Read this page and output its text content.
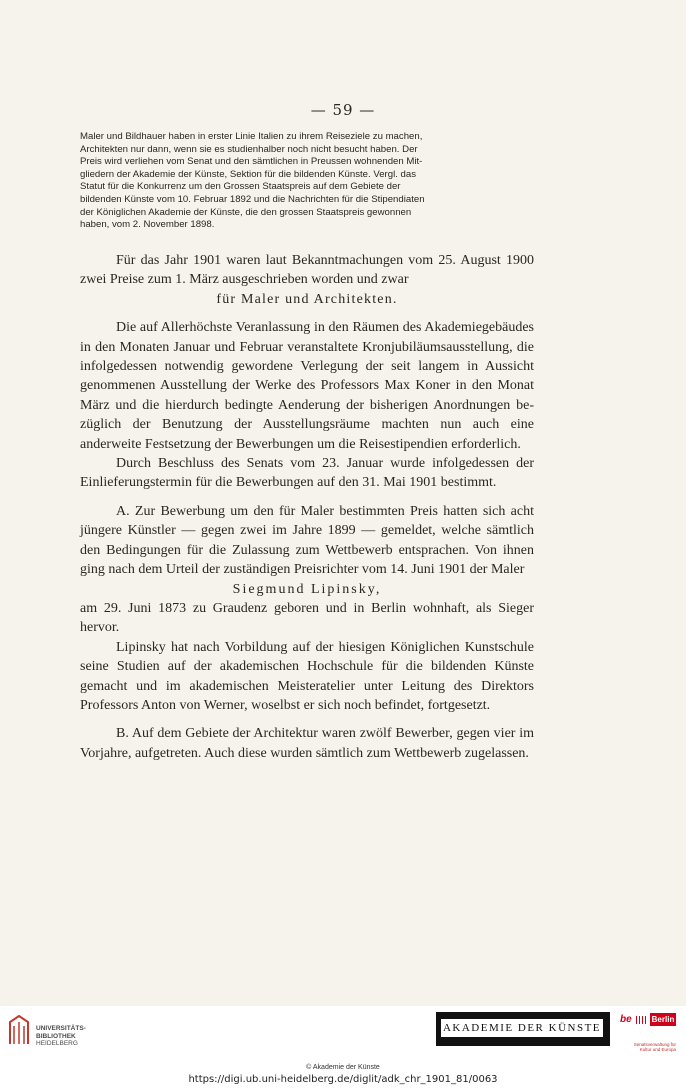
— 59 —

Maler und Bildhauer haben in erster Linie Italien zu ihrem Reiseziele zu machen,

Architekten nur dann, wenn sie es studienhalber noch nicht besucht haben. Der

Preis wird verliehen vom Senat und den sämtlichen in Preussen wohnenden Mit-

gliedern der Akademie der Künste, Sektion für die bildenden Künste. Vergl. das

Statut für die Konkurrenz um den Grossen Staatspreis auf dem Gebiete der

bildenden Künste vom 10. Februar 1892 und die Nachrichten für die Stipendiaten

der Königlichen Akademie der Künste, die den grossen Staatspreis gewonnen

haben, vom 2. November 1898.

Für das Jahr 1901 waren laut Bekanntmachungen vom 25. August 1900 zwei Preise zum 1. März ausgeschrieben worden und zwar

für Maler und Architekten.

Die auf Allerhöchste Veranlassung in den Räumen des Akademiegebäudes in den Monaten Januar und Februar veranstaltete Kronjubiläumsausstellung, die infolgedessen notwendig gewordene Verlegung der seit langem in Aussicht genommenen Ausstellung der Werke des Professors Max Koner in den Monat März und die hierdurch bedingte Aenderung der bisherigen Anordnungen bezüglich der Benutzung der Ausstellungsräume machten nun auch eine anderweite Festsetzung der Bewerbungen um die Reisestipendien erforderlich.

Durch Beschluss des Senats vom 23. Januar wurde infolgedessen der Einlieferungstermin für die Bewerbungen auf den 31. Mai 1901 bestimmt.

A. Zur Bewerbung um den für Maler bestimmten Preis hatten sich acht jüngere Künstler — gegen zwei im Jahre 1899 — gemeldet, welche sämtlich den Bedingungen für die Zulassung zum Wettbewerb entsprachen. Von ihnen ging nach dem Urteil der zuständigen Preisrichter vom 14. Juni 1901 der Maler

Siegmund Lipinsky,

am 29. Juni 1873 zu Graudenz geboren und in Berlin wohnhaft, als Sieger hervor.

Lipinsky hat nach Vorbildung auf der hiesigen Königlichen Kunstschule seine Studien auf der akademischen Hochschule für die bildenden Künste gemacht und im akademischen Meisteratelier unter Leitung des Direktors Professors Anton von Werner, woselbst er sich noch befindet, fortgesetzt.

B. Auf dem Gebiete der Architektur waren zwölf Bewerber, gegen vier im Vorjahre, aufgetreten. Auch diese wurden sämtlich zum Wettbewerb zugelassen.

UNIVERSITÄTS-
BIBLIOTHEK
HEIDELBERG
AKADEMIE DER KÜNSTE
be Berlin
Senatsverwaltung für Kultur und Europa
© Akademie der Künste
https://digi.ub.uni-heidelberg.de/diglit/adk_chr_1901_81/0063
